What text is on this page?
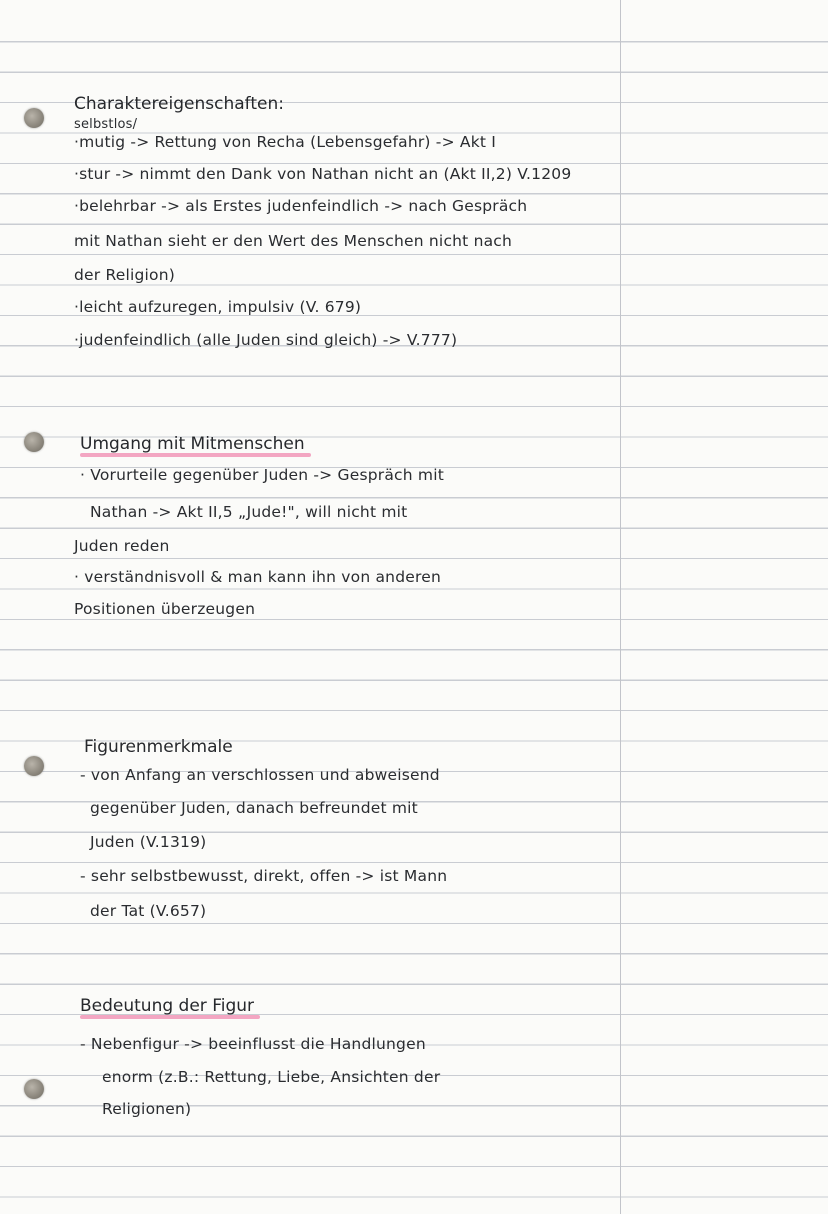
Charaktereigenschaften:
selbstlos/
·mutig -> Rettung von Recha (Lebensgefahr) -> Akt I
·stur -> nimmt den Dank von Nathan nicht an (Akt II,2) V.1209
·belehrbar -> als Erstes judenfeindlich -> nach Gespräch
mit Nathan sieht er den Wert des Menschen nicht nach
der Religion)
·leicht aufzuregen, impulsiv (V. 679)
·judenfeindlich (alle Juden sind gleich) -> V.777)
Umgang mit Mitmenschen
· Vorurteile gegenüber Juden -> Gespräch mit
Nathan -> Akt II,5 „Jude!", will nicht mit
Juden reden
· verständnisvoll & man kann ihn von anderen
Positionen überzeugen
Figurenmerkmale
- von Anfang an verschlossen und abweisend
gegenüber Juden, danach befreundet mit
Juden (V.1319)
- sehr selbstbewusst, direkt, offen -> ist Mann
der Tat (V.657)
Bedeutung der Figur
- Nebenfigur -> beeinflusst die Handlungen
enorm (z.B.: Rettung, Liebe, Ansichten der
Religionen)
